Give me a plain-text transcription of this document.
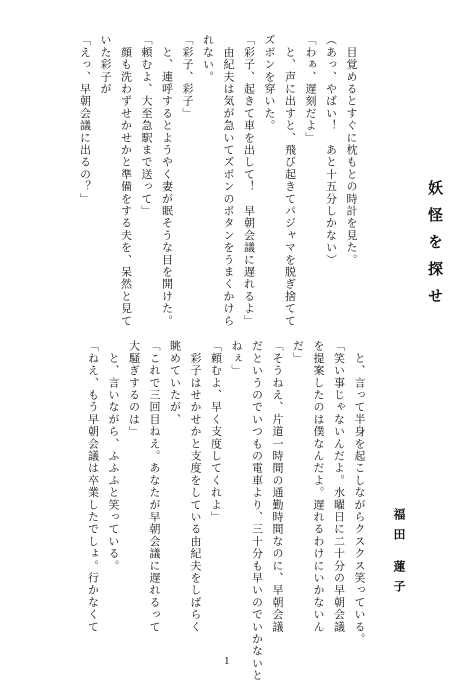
妖怪を探せ
福田 蓮子
　目覚めるとすぐに枕もとの時計を見た。
（あっ、やばい！　あと十五分しかない）
「わぁ、遅刻だよ」
　と、声に出すと、飛び起きてパジャマを脱ぎ捨てて
ズボンを穿いた。
「彩子、起きて車を出して！　早朝会議に遅れるよ」
　由紀夫は気が急いてズボンのボタンをうまくかけら
れない。
「彩子、彩子」
　と、連呼するとようやく妻が眠そうな目を開けた。
「頼むよ、大至急駅まで送って」
　顔も洗わずせかせかと準備をする夫を、呆然と見て
いた彩子が
「えっ、早朝会議に出るの？」
　と、言って半身を起こしながらクスクス笑っている。
「笑い事じゃないんだよ。水曜日に二十分の早朝会議
を提案したのは僕なんだよ。遅れるわけにいかないん
だ」
「そうねえ、片道一時間の通勤時間なのに、早朝会議
だというのでいつもの電車より、三十分も早いのでいかないと
ねぇ」
「頼むよ、早く支度してくれよ」
　彩子はせかせかと支度をしている由紀夫をしばらく
眺めていたが、
「これで三回目ねえ。あなたが早朝会議に遅れるって
大騒ぎするのは」
　と、言いながら、ふふふと笑っている。
「ねえ、もう早朝会議は卒業したでしょ。行かなくて
1
